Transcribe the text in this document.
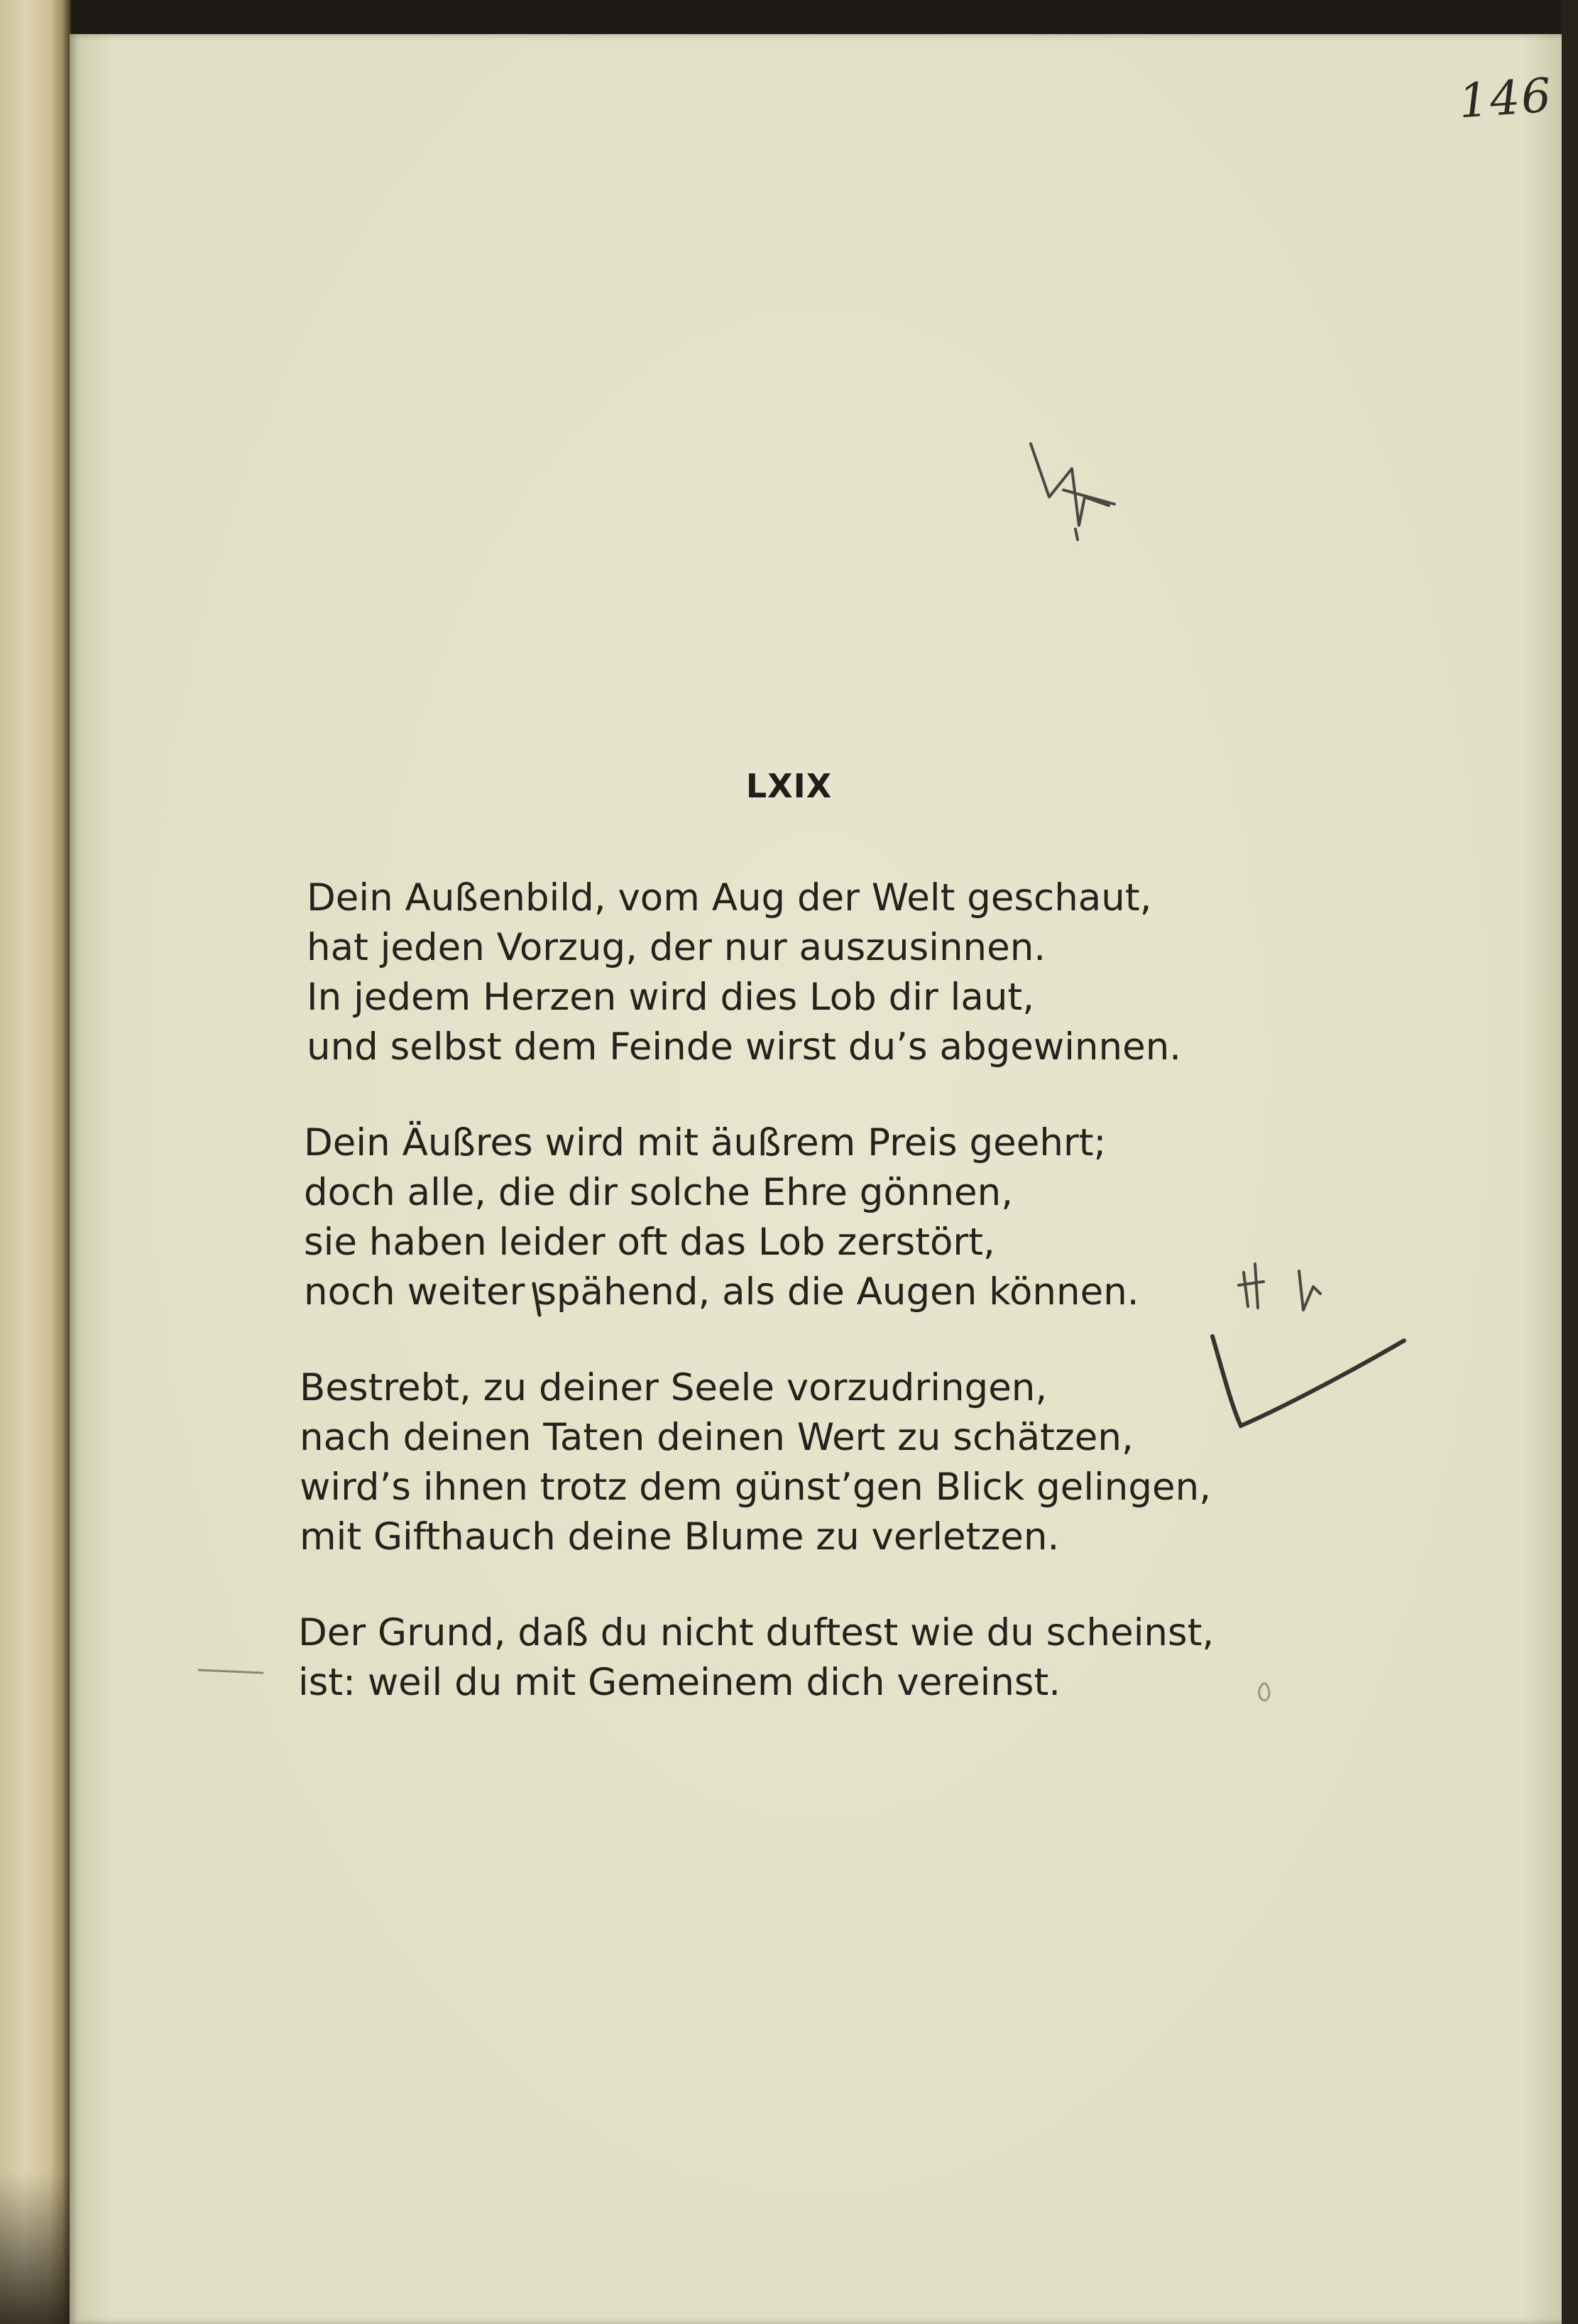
146
LXIX
Dein Außenbild, vom Aug der Welt geschaut,
hat jeden Vorzug, der nur auszusinnen.
In jedem Herzen wird dies Lob dir laut,
und selbst dem Feinde wirst du’s abgewinnen.
Dein Äußres wird mit äußrem Preis geehrt;
doch alle, die dir solche Ehre gönnen,
sie haben leider oft das Lob zerstört,
noch weiter spähend, als die Augen können.
Bestrebt, zu deiner Seele vorzudringen,
nach deinen Taten deinen Wert zu schätzen,
wird’s ihnen trotz dem günst’gen Blick gelingen,
mit Gifthauch deine Blume zu verletzen.
Der Grund, daß du nicht duftest wie du scheinst,
ist: weil du mit Gemeinem dich vereinst.
